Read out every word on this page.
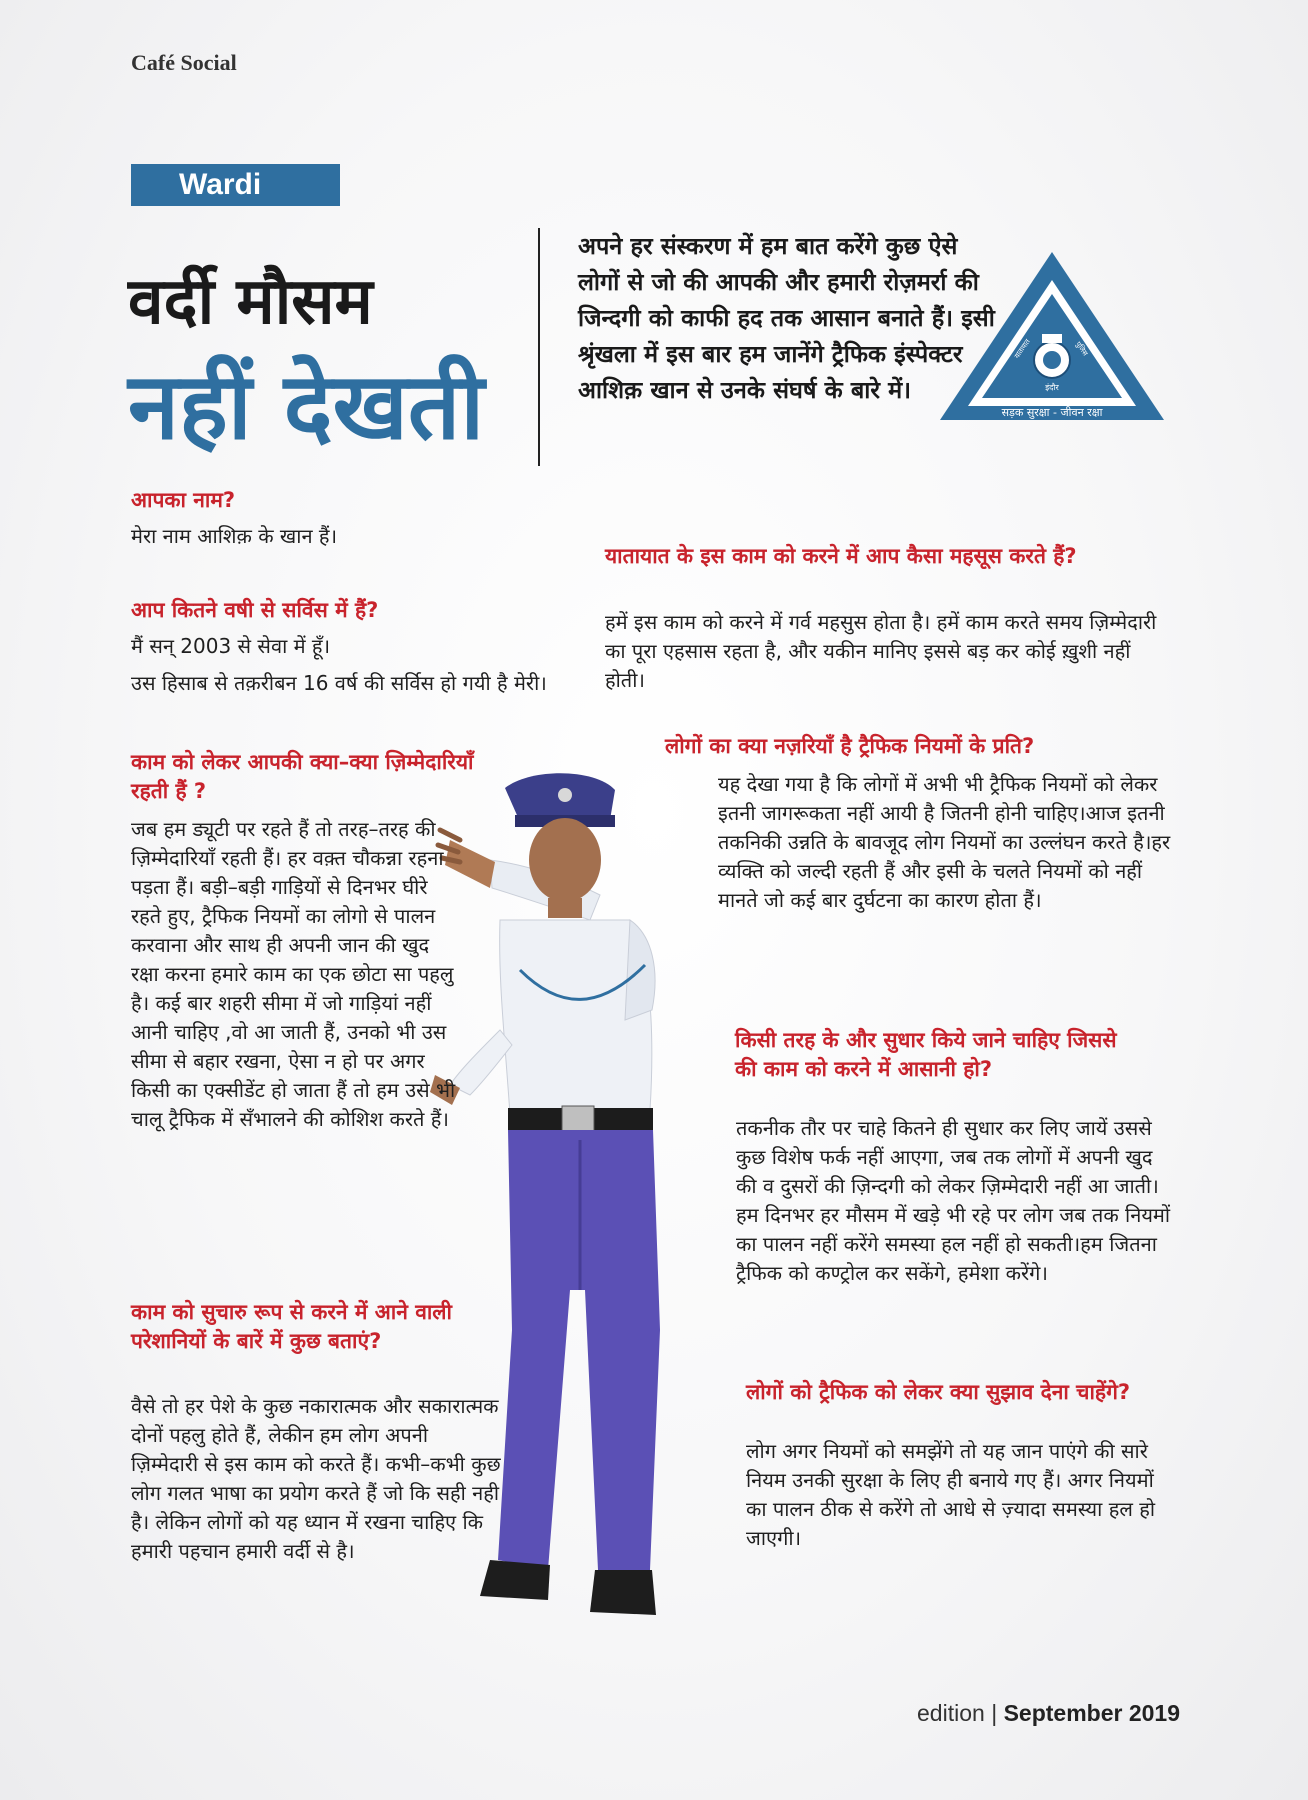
Café Social
Wardi
वर्दी मौसम
नहीं देखती
अपने हर संस्करण में हम बात करेंगे कुछ ऐसे लोगों से जो की आपकी और हमारी रोज़मर्रा की जिन्दगी को काफी हद तक आसान बनाते हैं। इसी श्रृंखला में इस बार हम जानेंगे ट्रैफिक इंस्पेक्टर आशिक़ खान से उनके संघर्ष के बारे में।
यातायात	पुलिस
इंदौर
सड़क सुरक्षा - जीवन रक्षा
आपका नाम?
मेरा नाम आशिक़ के खान हैं।
आप कितने वषी से सर्विस में हैं?

मैं सन् 2003 से सेवा में हूँ।

उस हिसाब से तक़रीबन 16 वर्ष की सर्विस हो गयी है मेरी।

काम को लेकर आपकी क्या–क्या ज़िम्मेदारियाँ रहती हैं ?
जब हम ड्यूटी पर रहते हैं तो तरह–तरह की ज़िम्मेदारियाँ रहती हैं। हर वक़्त चौकन्ना रहना पड़ता हैं। बड़ी–बड़ी गाड़ियों से दिनभर घीरे रहते हुए, ट्रैफिक नियमों का लोगो से पालन करवाना और साथ ही अपनी जान की खुद रक्षा करना हमारे काम का एक छोटा सा पहलु है। कई बार शहरी सीमा में जो गाड़ियां नहीं आनी चाहिए ,वो आ जाती हैं, उनको भी उस सीमा से बहार रखना, ऐसा न हो पर अगर किसी का एक्सीडेंट हो जाता हैं तो हम उसे भी चालू ट्रैफिक में सँभालने की कोशिश करते हैं।
काम को सुचारु रूप से करने में आने वाली परेशानियों के बारें में कुछ बताएं?
वैसे तो हर पेशे के कुछ नकारात्मक और सकारात्मक दोनों पहलु होते हैं, लेकीन हम लोग अपनी ज़िम्मेदारी से इस काम को करते हैं। कभी–कभी कुछ लोग गलत भाषा का प्रयोग करते हैं जो कि सही नही है। लेकिन लोगों को यह ध्यान में रखना चाहिए कि हमारी पहचान हमारी वर्दी से है।
यातायात के इस काम को करने में आप कैसा महसूस करते हैं?
हमें इस काम को करने में गर्व महसुस होता है। हमें काम करते समय ज़िम्मेदारी का पूरा एहसास रहता है, और यकीन मानिए इससे बड़ कर कोई ख़ुशी नहीं होती।
लोगों का क्या नज़रियाँ है ट्रैफिक नियमों के प्रति?
यह देखा गया है कि लोगों में अभी भी ट्रैफिक नियमों को लेकर इतनी जागरूकता नहीं आयी है जितनी होनी चाहिए।आज इतनी तकनिकी उन्नति के बावजूद लोग नियमों का उल्लंघन करते है।हर व्यक्ति को जल्दी रहती हैं और इसी के चलते नियमों को नहीं मानते जो कई बार दुर्घटना का कारण होता हैं।
किसी तरह के और सुधार किये जाने चाहिए जिससे की काम को करने में आसानी हो?
तकनीक तौर पर चाहे कितने ही सुधार कर लिए जायें उससे कुछ विशेष फर्क नहीं आएगा, जब तक लोगों में अपनी खुद की व दुसरों की ज़िन्दगी को लेकर ज़िम्मेदारी नहीं आ जाती।हम दिनभर हर मौसम में खड़े भी रहे पर लोग जब तक नियमों का पालन नहीं करेंगे समस्या हल नहीं हो सकती।हम जितना ट्रैफिक को कण्ट्रोल कर सकेंगे, हमेशा करेंगे।
लोगों को ट्रैफिक को लेकर क्या सुझाव देना चाहेंगे?
लोग अगर नियमों को समझेंगे तो यह जान पाएंगे की सारे नियम उनकी सुरक्षा के लिए ही बनाये गए हैं। अगर नियमों का पालन ठीक से करेंगे तो आधे से ज़्यादा समस्या हल हो जाएगी।
edition | September 2019
